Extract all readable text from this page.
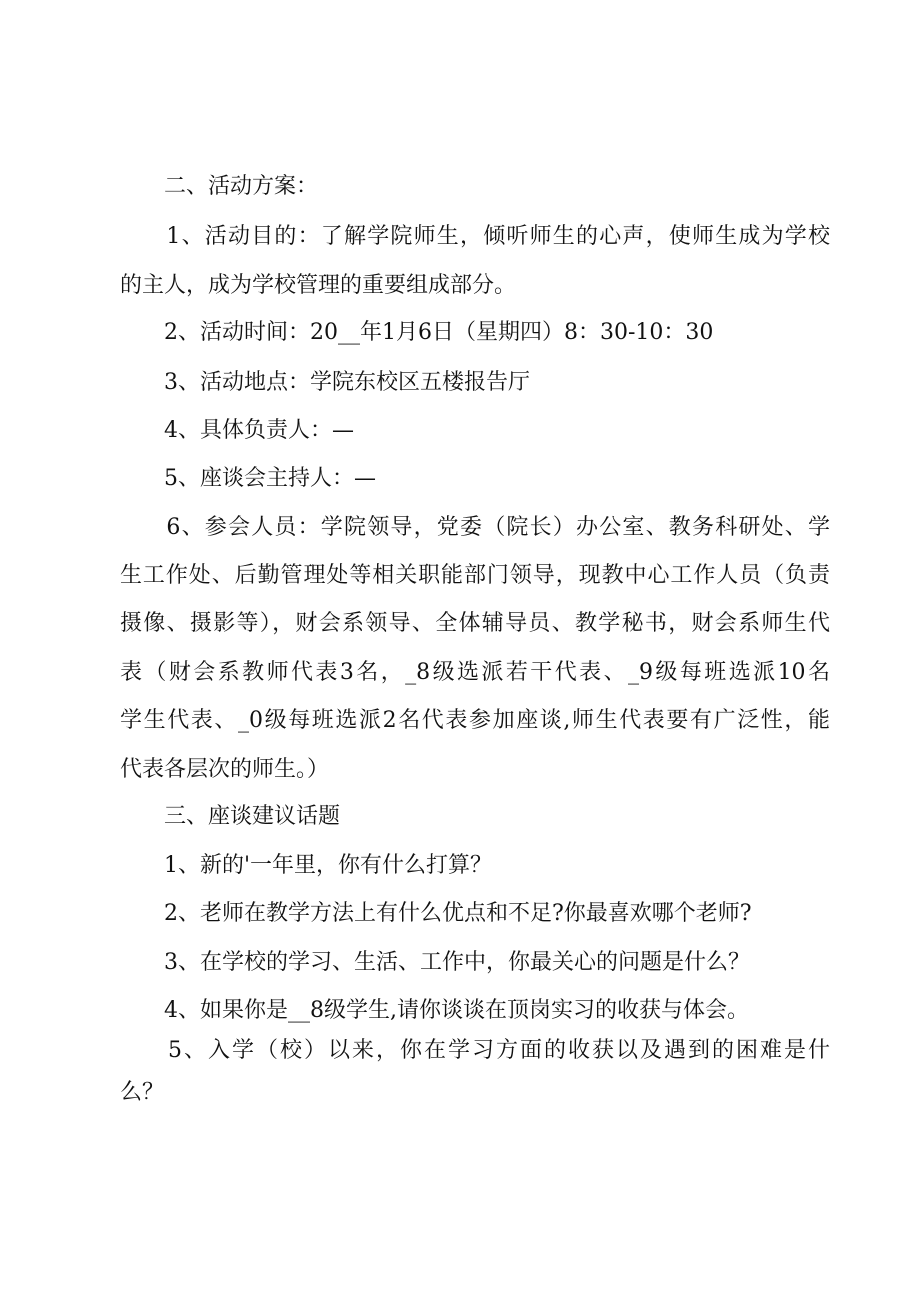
　　二、活动方案：
　　1、活动目的：了解学院师生，倾听师生的心声，使师生成为学校
的主人，成为学校管理的重要组成部分。
　　2、活动时间：20__年1月6日（星期四）8：30-10：30
　　3、活动地点：学院东校区五楼报告厅
　　4、具体负责人：—
　　5、座谈会主持人：—
　　6、参会人员：学院领导，党委（院长）办公室、教务科研处、学
生工作处、后勤管理处等相关职能部门领导，现教中心工作人员（负责
摄像、摄影等），财会系领导、全体辅导员、教学秘书，财会系师生代
表（财会系教师代表3名，_8级选派若干代表、_9级每班选派10名
学生代表、_0级每班选派2名代表参加座谈,师生代表要有广泛性，能
代表各层次的师生。）
　　三、座谈建议话题
　　1、新的'一年里，你有什么打算？
　　2、老师在教学方法上有什么优点和不足?你最喜欢哪个老师?
　　3、在学校的学习、生活、工作中，你最关心的问题是什么？
　　4、如果你是__8级学生,请你谈谈在顶岗实习的收获与体会。
　　5、入学（校）以来，你在学习方面的收获以及遇到的困难是什
么？
